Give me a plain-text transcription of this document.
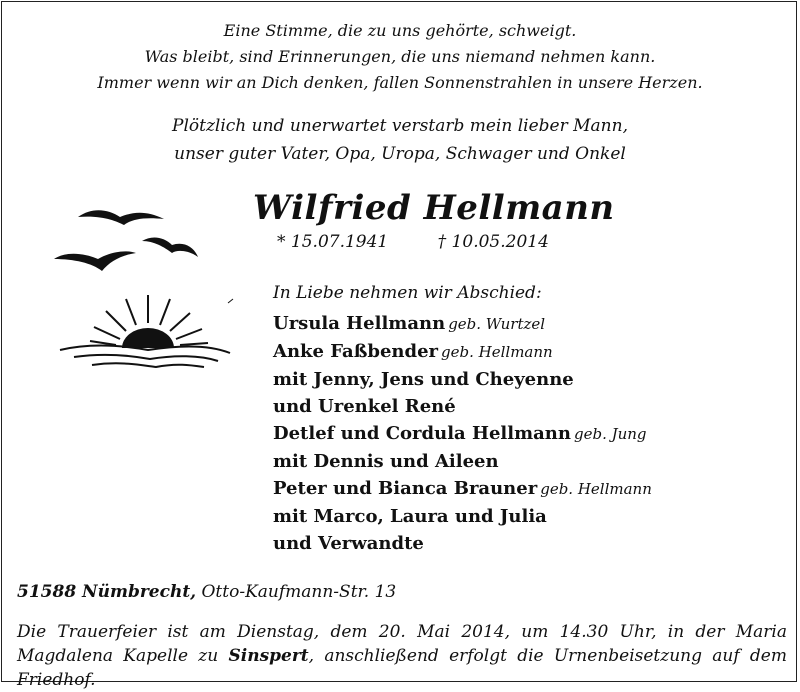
Eine Stimme, die zu uns gehörte, schweigt.
Was bleibt, sind Erinnerungen, die uns niemand nehmen kann.
Immer wenn wir an Dich denken, fallen Sonnenstrahlen in unsere Herzen.
Plötzlich und unerwartet verstarb mein lieber Mann,
unser guter Vater, Opa, Uropa, Schwager und Onkel
Wilfried Hellmann
* 15.07.1941	† 10.05.2014
In Liebe nehmen wir Abschied:
Ursula Hellmann geb. Wurtzel
Anke Faßbender geb. Hellmann
mit Jenny, Jens und Cheyenne
und Urenkel René
Detlef und Cordula Hellmann geb. Jung
mit Dennis und Aileen
Peter und Bianca Brauner geb. Hellmann
mit Marco, Laura und Julia
und Verwandte
51588 Nümbrecht, Otto-Kaufmann-Str. 13
Die Trauerfeier ist am Dienstag, dem 20. Mai 2014, um 14.30 Uhr, in der Maria Magdalena Kapelle zu Sinspert, anschließend erfolgt die Urnenbeisetzung auf dem Friedhof.
